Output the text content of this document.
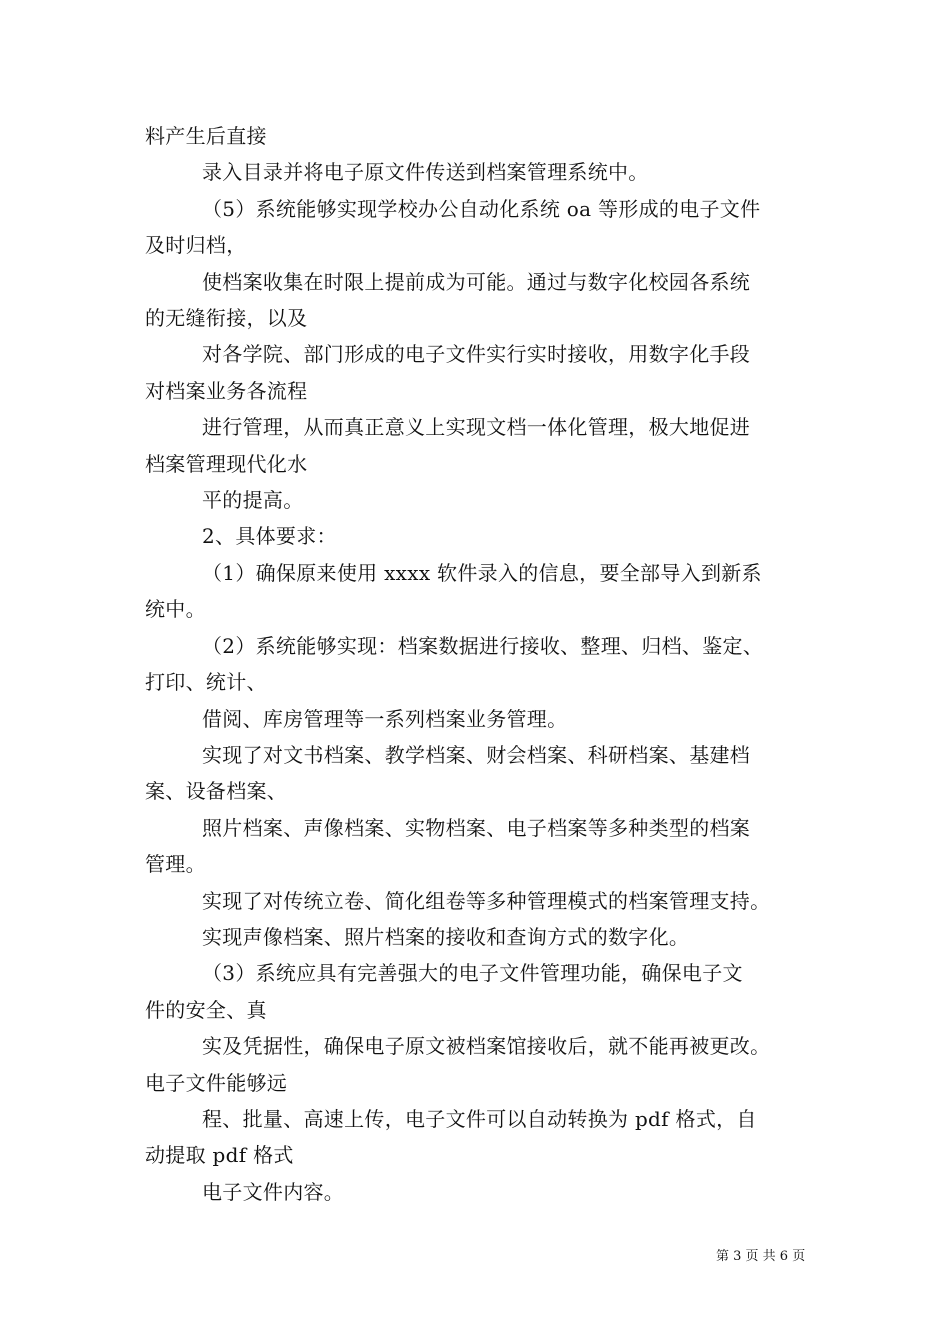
料产生后直接

录入目录并将电子原文件传送到档案管理系统中。

（5）系统能够实现学校办公自动化系统 oa 等形成的电子文件

及时归档，

使档案收集在时限上提前成为可能。通过与数字化校园各系统

的无缝衔接，以及

对各学院、部门形成的电子文件实行实时接收，用数字化手段

对档案业务各流程

进行管理，从而真正意义上实现文档一体化管理，极大地促进

档案管理现代化水

平的提高。

2、具体要求：

（1）确保原来使用 xxxx 软件录入的信息，要全部导入到新系

统中。

（2）系统能够实现：档案数据进行接收、整理、归档、鉴定、

打印、统计、

借阅、库房管理等一系列档案业务管理。

实现了对文书档案、教学档案、财会档案、科研档案、基建档

案、设备档案、

照片档案、声像档案、实物档案、电子档案等多种类型的档案

管理。

实现了对传统立卷、简化组卷等多种管理模式的档案管理支持。

实现声像档案、照片档案的接收和查询方式的数字化。

（3）系统应具有完善强大的电子文件管理功能，确保电子文

件的安全、真

实及凭据性，确保电子原文被档案馆接收后，就不能再被更改。

电子文件能够远

程、批量、高速上传，电子文件可以自动转换为 pdf 格式，自

动提取 pdf 格式

电子文件内容。

第 3 页 共 6 页
